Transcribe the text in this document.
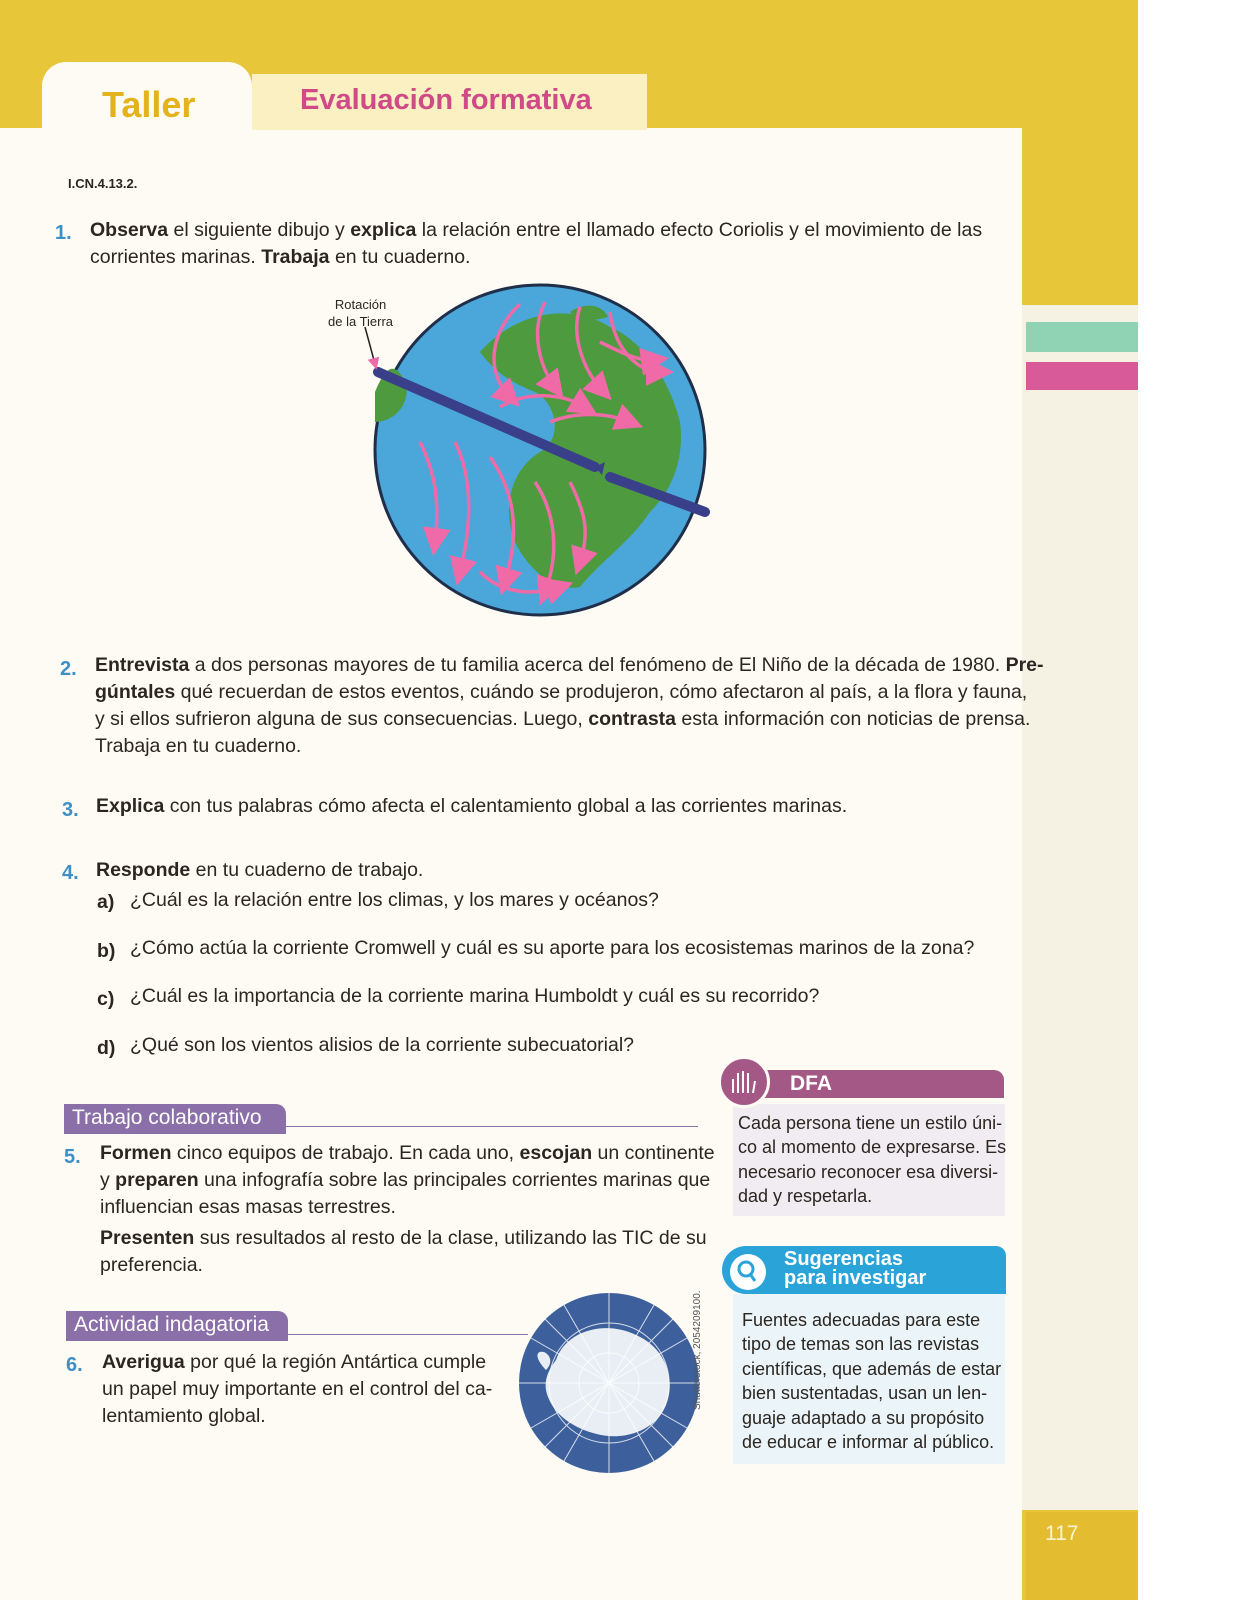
117
Taller	Evaluación formativa
I.CN.4.13.2.
1. Observa el siguiente dibujo y explica la relación entre el llamado efecto Coriolis y el movimiento de las
corrientes marinas. Trabaja en tu cuaderno.
Rotación
de la Tierra
2. Entrevista a dos personas mayores de tu familia acerca del fenómeno de El Niño de la década de 1980. Pre-
gúntales qué recuerdan de estos eventos, cuándo se produjeron, cómo afectaron al país, a la flora y fauna,
y si ellos sufrieron alguna de sus consecuencias. Luego, contrasta esta información con noticias de prensa.
Trabaja en tu cuaderno.
3. Explica con tus palabras cómo afecta el calentamiento global a las corrientes marinas.
4. Responde en tu cuaderno de trabajo.
a) ¿Cuál es la relación entre los climas, y los mares y océanos?
b) ¿Cómo actúa la corriente Cromwell y cuál es su aporte para los ecosistemas marinos de la zona?
c) ¿Cuál es la importancia de la corriente marina Humboldt y cuál es su recorrido?
d) ¿Qué son los vientos alisios de la corriente subecuatorial?
Trabajo colaborativo
5. Formen cinco equipos de trabajo. En cada uno, escojan un continente
y preparen una infografía sobre las principales corrientes marinas que
influencian esas masas terrestres.
Presenten sus resultados al resto de la clase, utilizando las TIC de su
preferencia.
Actividad indagatoria
6. Averigua por qué la región Antártica cumple
un papel muy importante en el control del ca-
lentamiento global.
Shutterstock, 2054209100.
DFA
Cada persona tiene un estilo úni-
co al momento de expresarse. Es
necesario reconocer esa diversi-
dad y respetarla.
Sugerencias
para investigar
Fuentes adecuadas para este
tipo de temas son las revistas
científicas, que además de estar
bien sustentadas, usan un len-
guaje adaptado a su propósito
de educar e informar al público.
